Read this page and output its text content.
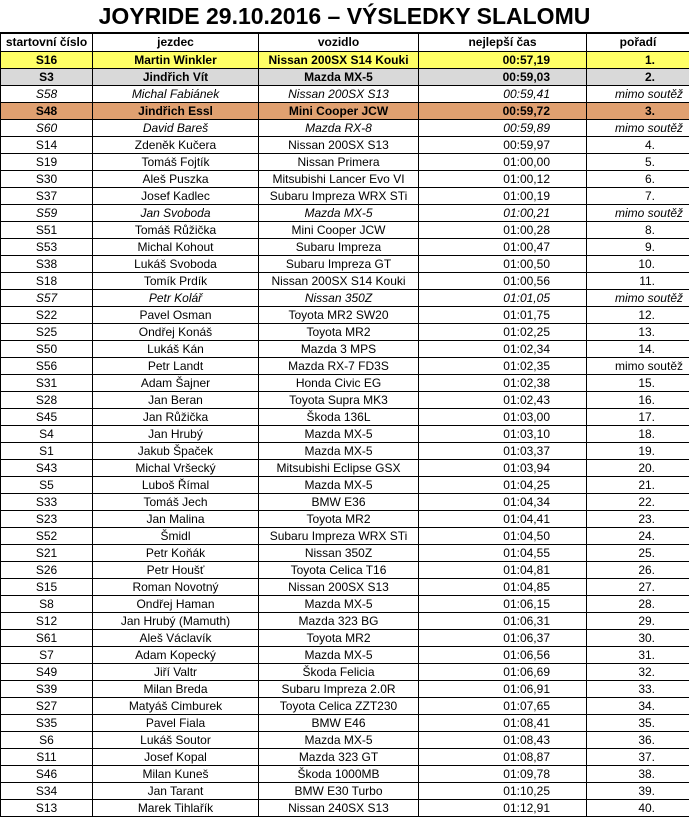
JOYRIDE 29.10.2016 – VÝSLEDKY SLALOMU
startovní číslo	jezdec	vozidlo	nejlepší čas	pořadí
S16	Martin Winkler	Nissan 200SX S14 Kouki	00:57,19	1.
S3	Jindřich Vít	Mazda MX-5	00:59,03	2.
S58	Michal Fabiánek	Nissan 200SX S13	00:59,41	mimo soutěž
S48	Jindřich Essl	Mini Cooper JCW	00:59,72	3.
S60	David Bareš	Mazda RX-8	00:59,89	mimo soutěž
S14	Zdeněk Kučera	Nissan 200SX S13	00:59,97	4.
S19	Tomáš Fojtík	Nissan Primera	01:00,00	5.
S30	Aleš Puszka	Mitsubishi Lancer Evo VI	01:00,12	6.
S37	Josef Kadlec	Subaru Impreza WRX STi	01:00,19	7.
S59	Jan Svoboda	Mazda MX-5	01:00,21	mimo soutěž
S51	Tomáš Růžička	Mini Cooper JCW	01:00,28	8.
S53	Michal Kohout	Subaru Impreza	01:00,47	9.
S38	Lukáš Svoboda	Subaru Impreza GT	01:00,50	10.
S18	Tomík Prdík	Nissan 200SX S14 Kouki	01:00,56	11.
S57	Petr Kolář	Nissan 350Z	01:01,05	mimo soutěž
S22	Pavel Osman	Toyota MR2 SW20	01:01,75	12.
S25	Ondřej Konáš	Toyota MR2	01:02,25	13.
S50	Lukáš Kán	Mazda 3 MPS	01:02,34	14.
S56	Petr Landt	Mazda RX-7 FD3S	01:02,35	mimo soutěž
S31	Adam Šajner	Honda Civic EG	01:02,38	15.
S28	Jan Beran	Toyota Supra MK3	01:02,43	16.
S45	Jan Růžička	Škoda 136L	01:03,00	17.
S4	Jan Hrubý	Mazda MX-5	01:03,10	18.
S1	Jakub Špaček	Mazda MX-5	01:03,37	19.
S43	Michal Vršecký	Mitsubishi Eclipse GSX	01:03,94	20.
S5	Luboš Římal	Mazda MX-5	01:04,25	21.
S33	Tomáš Jech	BMW E36	01:04,34	22.
S23	Jan Malina	Toyota MR2	01:04,41	23.
S52	Šmidl	Subaru Impreza WRX STi	01:04,50	24.
S21	Petr Koňák	Nissan 350Z	01:04,55	25.
S26	Petr Houšť	Toyota Celica T16	01:04,81	26.
S15	Roman Novotný	Nissan 200SX S13	01:04,85	27.
S8	Ondřej Haman	Mazda MX-5	01:06,15	28.
S12	Jan Hrubý (Mamuth)	Mazda 323 BG	01:06,31	29.
S61	Aleš Václavík	Toyota MR2	01:06,37	30.
S7	Adam Kopecký	Mazda MX-5	01:06,56	31.
S49	Jiří Valtr	Škoda Felicia	01:06,69	32.
S39	Milan Breda	Subaru Impreza 2.0R	01:06,91	33.
S27	Matyáš Cimburek	Toyota Celica ZZT230	01:07,65	34.
S35	Pavel Fiala	BMW E46	01:08,41	35.
S6	Lukáš Soutor	Mazda MX-5	01:08,43	36.
S11	Josef Kopal	Mazda 323 GT	01:08,87	37.
S46	Milan Kuneš	Škoda 1000MB	01:09,78	38.
S34	Jan Tarant	BMW E30 Turbo	01:10,25	39.
S13	Marek Tihlařík	Nissan 240SX S13	01:12,91	40.
